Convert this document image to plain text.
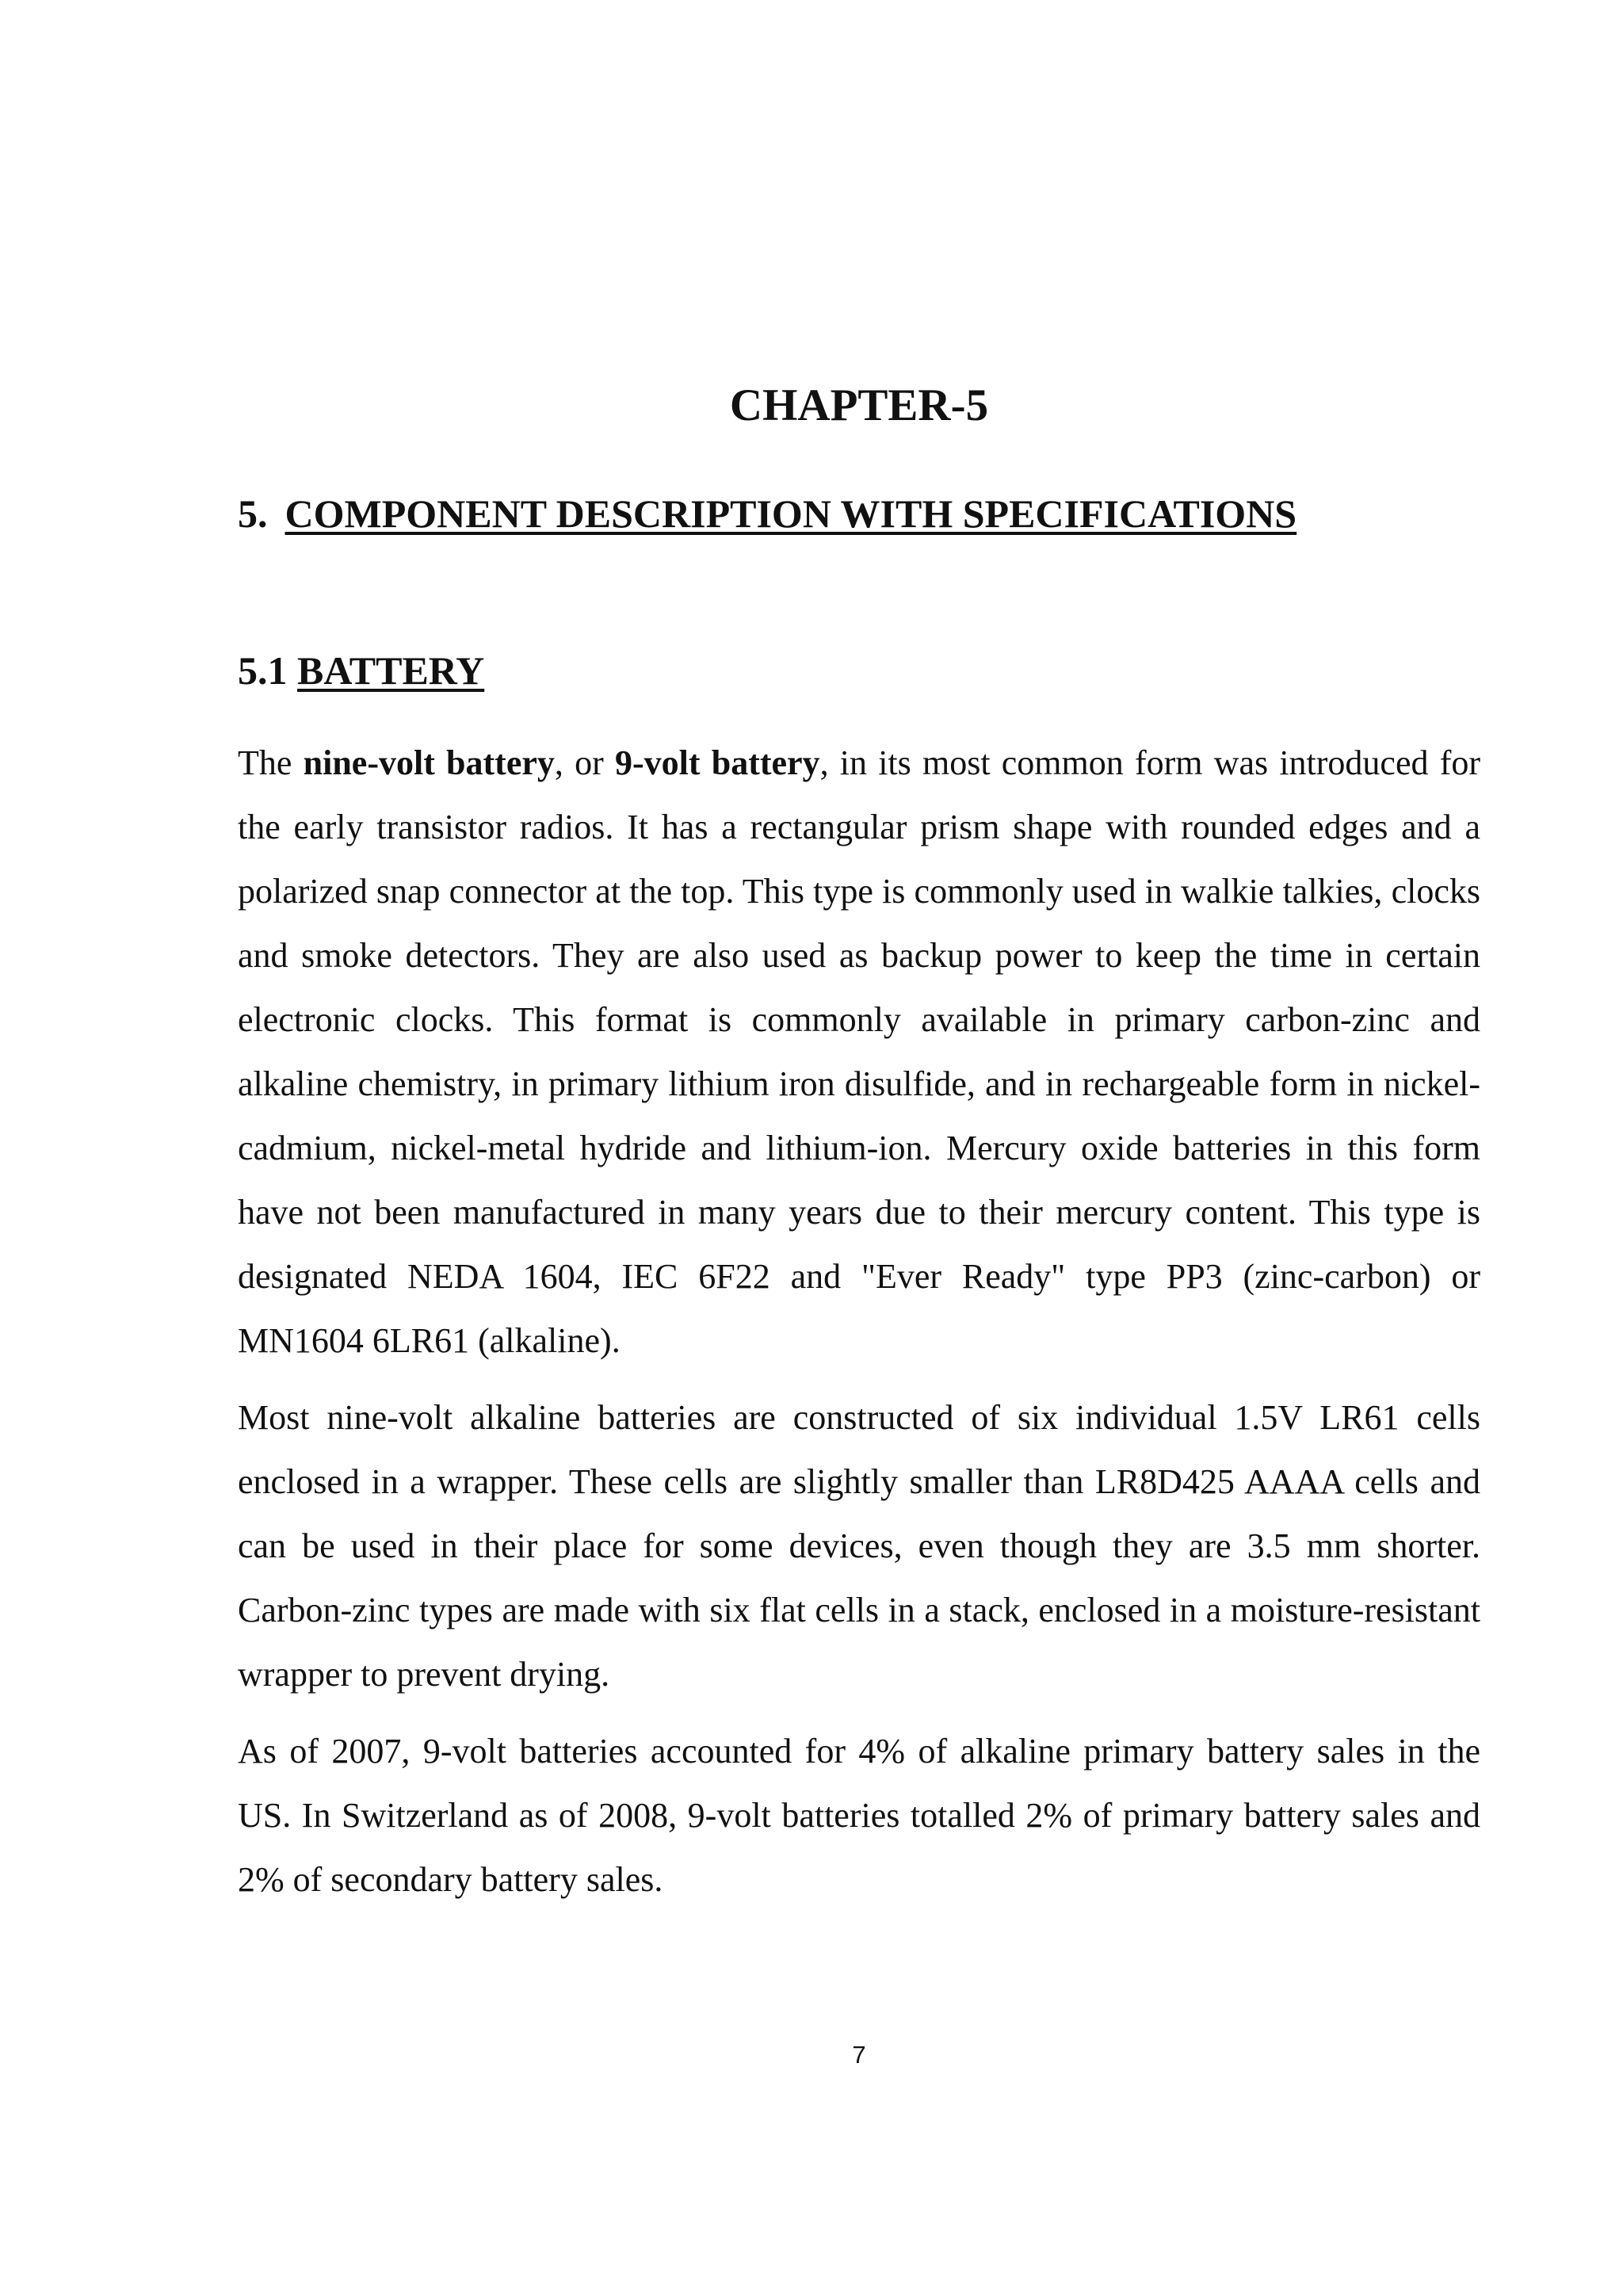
CHAPTER-5
5. COMPONENT DESCRIPTION WITH SPECIFICATIONS
5.1 BATTERY

The nine-volt battery, or 9-volt battery, in its most common form was introduced for the early transistor radios. It has a rectangular prism shape with rounded edges and a polarized snap connector at the top. This type is commonly used in walkie talkies, clocks and smoke detectors. They are also used as backup power to keep the time in certain electronic clocks. This format is commonly available in primary carbon-zinc and alkaline chemistry, in primary lithium iron disulfide, and in rechargeable form in nickel-cadmium, nickel-metal hydride and lithium-ion. Mercury oxide batteries in this form have not been manufactured in many years due to their mercury content. This type is designated NEDA 1604, IEC 6F22 and "Ever Ready" type PP3 (zinc-carbon) or MN1604 6LR61 (alkaline).

Most nine-volt alkaline batteries are constructed of six individual 1.5V LR61 cells enclosed in a wrapper. These cells are slightly smaller than LR8D425 AAAA cells and can be used in their place for some devices, even though they are 3.5 mm shorter. Carbon-zinc types are made with six flat cells in a stack, enclosed in a moisture-resistant wrapper to prevent drying.

As of 2007, 9-volt batteries accounted for 4% of alkaline primary battery sales in the US. In Switzerland as of 2008, 9-volt batteries totalled 2% of primary battery sales and 2% of secondary battery sales.

7
